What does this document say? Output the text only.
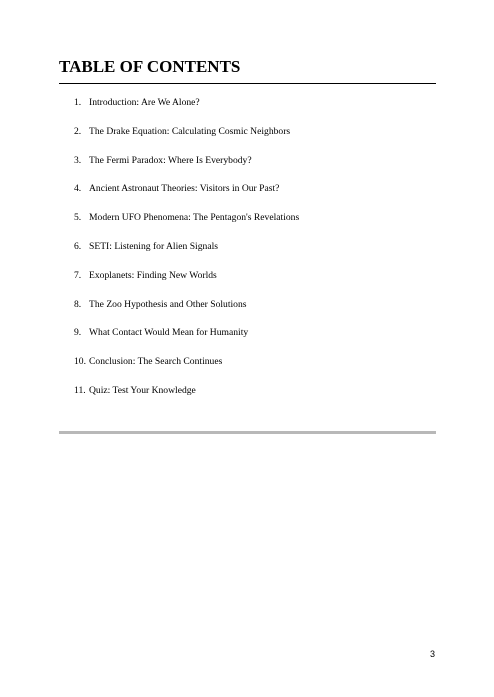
TABLE OF CONTENTS
1. Introduction: Are We Alone?
2. The Drake Equation: Calculating Cosmic Neighbors
3. The Fermi Paradox: Where Is Everybody?
4. Ancient Astronaut Theories: Visitors in Our Past?
5. Modern UFO Phenomena: The Pentagon's Revelations
6. SETI: Listening for Alien Signals
7. Exoplanets: Finding New Worlds
8. The Zoo Hypothesis and Other Solutions
9. What Contact Would Mean for Humanity
10. Conclusion: The Search Continues
11. Quiz: Test Your Knowledge
3
